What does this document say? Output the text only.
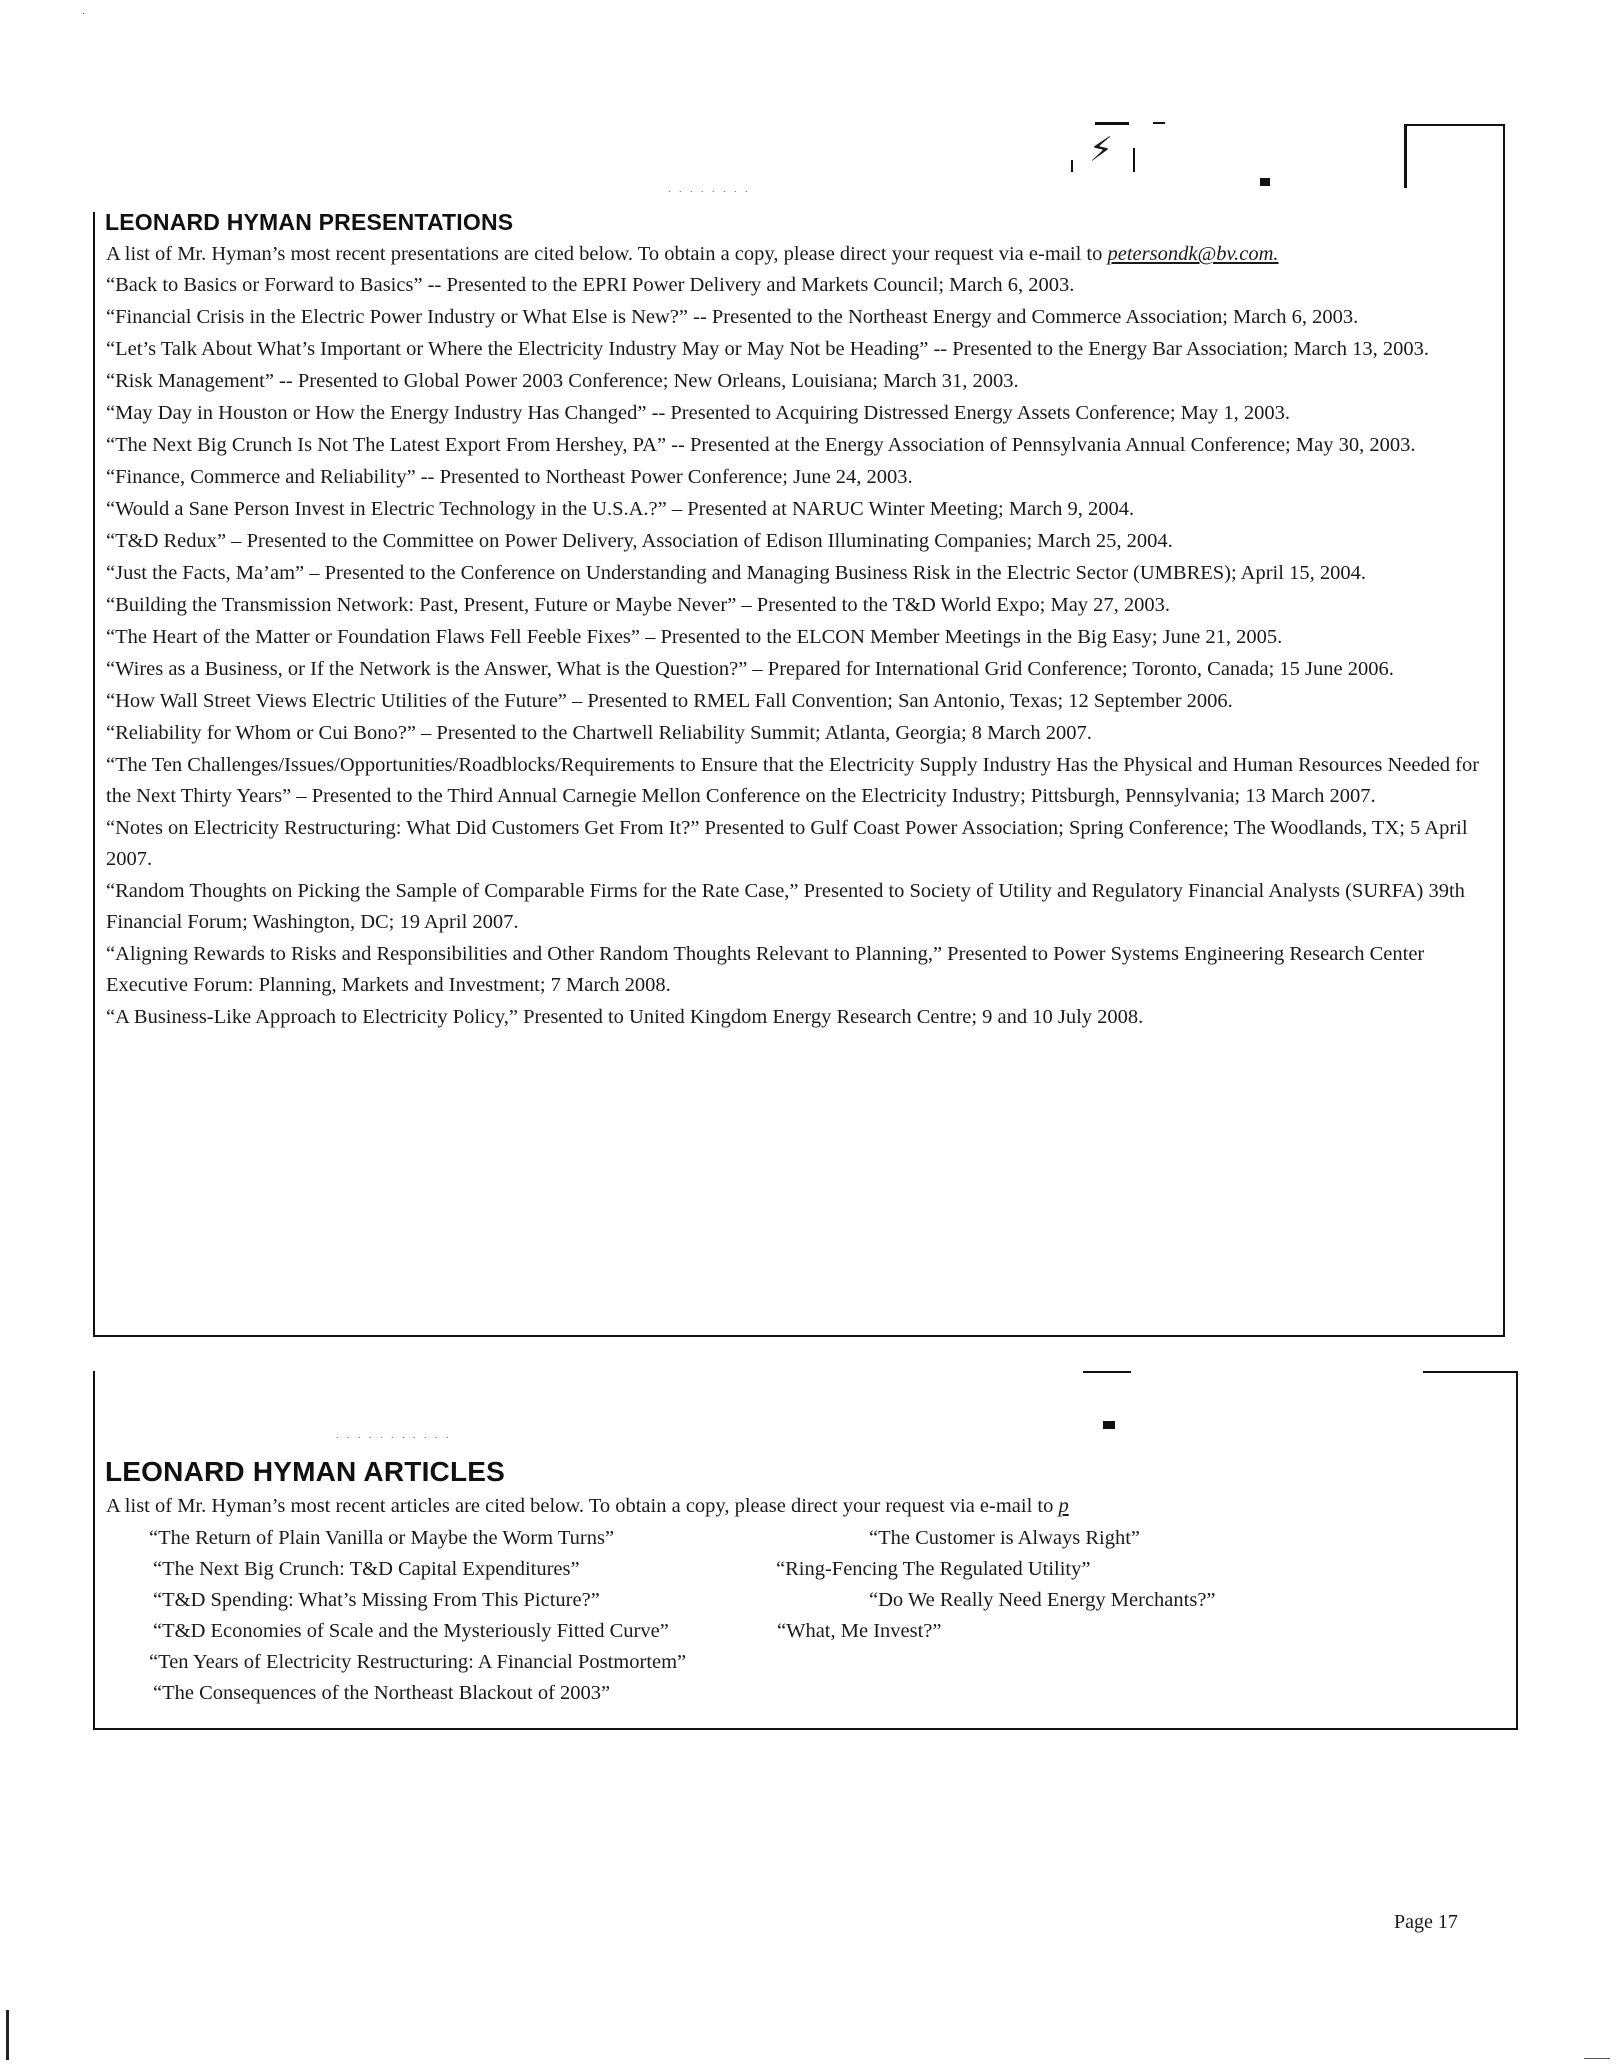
·
. . . . . . . .
. . . . . . . . . . .
⚡
LEONARD HYMAN PRESENTATIONS
A list of Mr. Hyman’s most recent presentations are cited below. To obtain a copy, please direct your request via e-mail to petersondk@bv.com.
“Back to Basics or Forward to Basics” -- Presented to the EPRI Power Delivery and Markets Council; March 6, 2003.
“Financial Crisis in the Electric Power Industry or What Else is New?” -- Presented to the Northeast Energy and Commerce Association; March 6, 2003.
“Let’s Talk About What’s Important or Where the Electricity Industry May or May Not be Heading” -- Presented to the Energy Bar Association; March 13, 2003.
“Risk Management” -- Presented to Global Power 2003 Conference; New Orleans, Louisiana; March 31, 2003.
“May Day in Houston or How the Energy Industry Has Changed” -- Presented to Acquiring Distressed Energy Assets Conference; May 1, 2003.
“The Next Big Crunch Is Not The Latest Export From Hershey, PA” -- Presented at the Energy Association of Pennsylvania Annual Conference; May 30, 2003.
“Finance, Commerce and Reliability” -- Presented to Northeast Power Conference; June 24, 2003.
“Would a Sane Person Invest in Electric Technology in the U.S.A.?” – Presented at NARUC Winter Meeting; March 9, 2004.
“T&D Redux” – Presented to the Committee on Power Delivery, Association of Edison Illuminating Companies; March 25, 2004.
“Just the Facts, Ma’am” – Presented to the Conference on Understanding and Managing Business Risk in the Electric Sector (UMBRES); April 15, 2004.
“Building the Transmission Network: Past, Present, Future or Maybe Never” – Presented to the T&D World Expo; May 27, 2003.
“The Heart of the Matter or Foundation Flaws Fell Feeble Fixes” – Presented to the ELCON Member Meetings in the Big Easy; June 21, 2005.
“Wires as a Business, or If the Network is the Answer, What is the Question?” – Prepared for International Grid Conference; Toronto, Canada; 15 June 2006.
“How Wall Street Views Electric Utilities of the Future” – Presented to RMEL Fall Convention; San Antonio, Texas; 12 September 2006.
“Reliability for Whom or Cui Bono?” – Presented to the Chartwell Reliability Summit; Atlanta, Georgia; 8 March 2007.
“The Ten Challenges/Issues/Opportunities/Roadblocks/Requirements to Ensure that the Electricity Supply Industry Has the Physical and Human Resources Needed for the Next Thirty Years” – Presented to the Third Annual Carnegie Mellon Conference on the Electricity Industry; Pittsburgh, Pennsylvania; 13 March 2007.
“Notes on Electricity Restructuring: What Did Customers Get From It?” Presented to Gulf Coast Power Association; Spring Conference; The Woodlands, TX; 5 April 2007.
“Random Thoughts on Picking the Sample of Comparable Firms for the Rate Case,” Presented to Society of Utility and Regulatory Financial Analysts (SURFA) 39th Financial Forum; Washington, DC; 19 April 2007.
“Aligning Rewards to Risks and Responsibilities and Other Random Thoughts Relevant to Planning,” Presented to Power Systems Engineering Research Center Executive Forum: Planning, Markets and Investment; 7 March 2008.
“A Business-Like Approach to Electricity Policy,” Presented to United Kingdom Energy Research Centre; 9 and 10 July 2008.
LEONARD HYMAN ARTICLES
A list of Mr. Hyman’s most recent articles are cited below. To obtain a copy, please direct your request via e-mail to p
“The Return of Plain Vanilla or Maybe the Worm Turns”	“The Customer is Always Right”
“The Next Big Crunch: T&D Capital Expenditures”	“Ring-Fencing The Regulated Utility”
“T&D Spending: What’s Missing From This Picture?”	“Do We Really Need Energy Merchants?”
“T&D Economies of Scale and the Mysteriously Fitted Curve”	“What, Me Invest?”
“Ten Years of Electricity Restructuring: A Financial Postmortem”
“The Consequences of the Northeast Blackout of 2003”
Page 17
